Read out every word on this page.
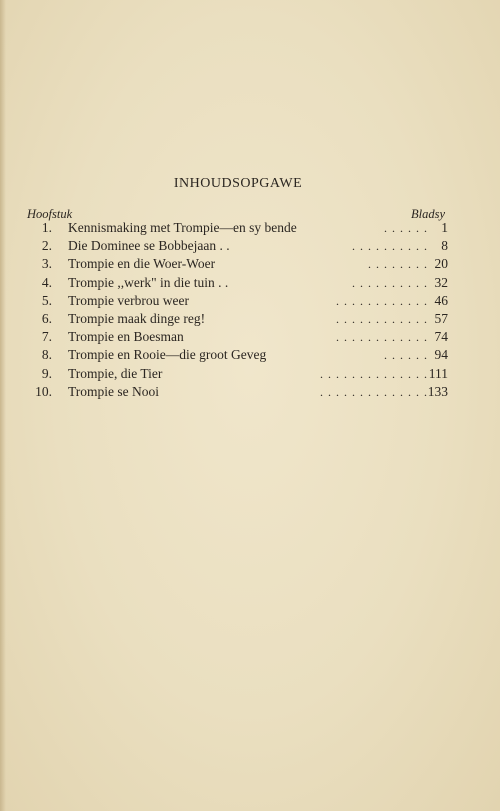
INHOUDSOPGAWE
Hoofstuk	Bladsy
1. Kennismaking met Trompie—en sy bende	. . . . . . 1
2. Die Dominee se Bobbejaan . .	. . . . . . . . . . 8
3. Trompie en die Woer-Woer	. . . . . . . . 20
4. Trompie ,,werk" in die tuin . .	. . . . . . . . . . 32
5. Trompie verbrou weer	. . . . . . . . . . . . 46
6. Trompie maak dinge reg!	. . . . . . . . . . . . 57
7. Trompie en Boesman	. . . . . . . . . . . . 74
8. Trompie en Rooie—die groot Geveg	. . . . . . 94
9. Trompie, die Tier	. . . . . . . . . . . . . . 111
10. Trompie se Nooi	. . . . . . . . . . . . . . 133
